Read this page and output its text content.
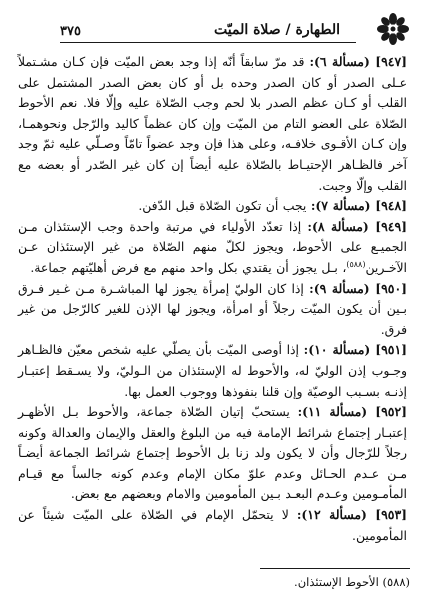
٣٧٥	الطهارة / صلاة الميّت

[٩٤٧] (مسألة ٦): قد مرّ سابقاً أنّه إذا وجد بعض الميّت فإن كـان مشـتملاً عـلى الصدر أو كان الصدر وحده بل أو كان بعض الصدر المشتمل على القلب أو كـان عظم الصدر بلا لحم وجب الصّلاة عليه وإلّا فلا. نعم الأحوط الصّلاة على العضو التام من الميّت وإن كان عظماً كاليد والرّجل ونحوهمـا، وإن كـان الأقـوى خلافـه، وعلى هذا فإن وجد عضواً تامّاً وصـلّي عليه ثمّ وجد آخر فالظـاهر الإحتيـاط بالصّلاة عليه أيضاً إن كان غير الصّدر أو بعضه مع القلب وإلّا وجبت.

[٩٤٨] (مسألة ٧): يجب أن تكون الصّلاة قبل الدّفن.

[٩٤٩] (مسألة ٨): إذا تعدّد الأولياء في مرتبة واحدة وجب الإستئذان مـن الجميـع على الأحوط، ويجوز لكلّ منهم الصّلاة من غير الإستئذان عـن الآخـرين$^{(٥٨٨)}$، بـل يجوز أن يقتدي بكل واحد منهم مع فرض أهليّتهم جماعة.

[٩٥٠] (مسألة ٩): إذا كان الوليّ إمرأة يجوز لها المباشـرة مـن غـير فـرق بـين أن يكون الميّت رجلاً أو امرأة، ويجوز لها الإذن للغير كالرّجل من غير فرق.

[٩٥١] (مسألة ١٠): إذا أوصى الميّت بأن يصلّي عليه شخص معيّن فالظـاهر وجـوب إذن الوليّ له، والأحوط له الإستئذان من الـوليّ، ولا يسـقط إعتبـار إذنـه بسـبب الوصيّة وإن قلنا بنفوذها ووجوب العمل بها.

[٩٥٢] (مسألة ١١): يستحبّ إتيان الصّلاة جماعة، والأحوط بـل الأظهـر إعتبـار إجتماع شرائط الإمامة فيه من البلوغ والعقل والإيمان والعدالة وكونه رجلاً للرّجال وأن لا يكون ولد زنا بل الأحوط إجتماع شرائط الجماعة أيضـاً مـن عـدم الحـائل وعدم علوّ مكان الإمام وعدم كونه جالساً مع قيـام المأمـومين وعـدم البعـد بـين المأمومين والامام وبعضهم مع بعض.

[٩٥٣] (مسألة ١٢): لا يتحمّل الإمام في الصّلاة على الميّت شيئاً عن المأمومين.

(٥٨٨) الأحوط الإستئذان.
